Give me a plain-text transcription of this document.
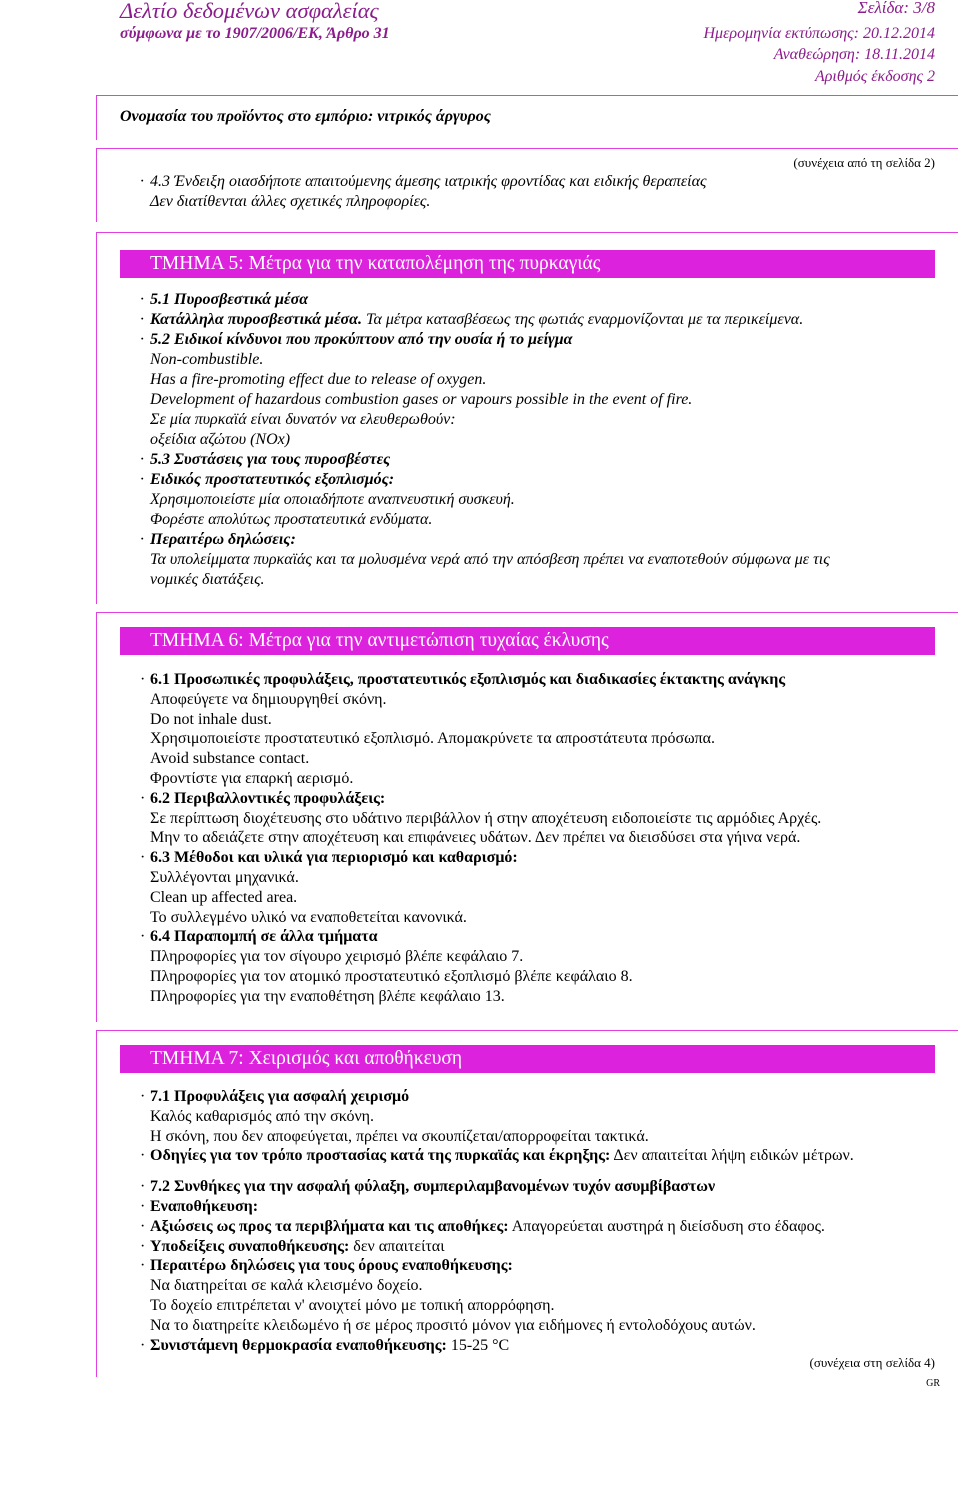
Δελτίο δεδομένων ασφαλείας
σύμφωνα με το 1907/2006/ΕΚ, Άρθρο 31
Σελίδα: 3/8
Ημερομηνία εκτύπωσης: 20.12.2014
Αναθεώρηση: 18.11.2014
Αριθμός έκδοσης 2
Ονομασία του προϊόντος στο εμπόριο: νιτρικός άργυρος
(συνέχεια από τη σελίδα 2)
· 4.3 Ένδειξη οιασδήποτε απαιτούμενης άμεσης ιατρικής φροντίδας και ειδικής θεραπείας
Δεν διατίθενται άλλες σχετικές πληροφορίες.
ΤΜΗΜΑ 5: Μέτρα για την καταπολέμηση της πυρκαγιάς
· 5.1 Πυροσβεστικά μέσα
· Κατάλληλα πυροσβεστικά μέσα. Τα μέτρα κατασβέσεως της φωτιάς εναρμονίζονται με τα περικείμενα.
· 5.2 Ειδικοί κίνδυνοι που προκύπτουν από την ουσία ή το μείγμα
Non-combustible.
Has a fire-promoting effect due to release of oxygen.
Development of hazardous combustion gases or vapours possible in the event of fire.
Σε μία πυρκαϊά είναι δυνατόν να ελευθερωθούν:
οξείδια αζώτου (NOx)
· 5.3 Συστάσεις για τους πυροσβέστες
· Ειδικός προστατευτικός εξοπλισμός:
Χρησιμοποιείστε μία οποιαδήποτε αναπνευστική συσκευή.
Φορέστε απολύτως προστατευτικά ενδύματα.
· Περαιτέρω δηλώσεις:
Τα υπολείμματα πυρκαϊάς και τα μολυσμένα νερά από την απόσβεση πρέπει να εναποτεθούν σύμφωνα με τις
νομικές διατάξεις.
ΤΜΗΜΑ 6: Μέτρα για την αντιμετώπιση τυχαίας έκλυσης
· 6.1 Προσωπικές προφυλάξεις, προστατευτικός εξοπλισμός και διαδικασίες έκτακτης ανάγκης
Αποφεύγετε να δημιουργηθεί σκόνη.
Do not inhale dust.
Χρησιμοποιείστε προστατευτικό εξοπλισμό. Απομακρύνετε τα απροστάτευτα πρόσωπα.
Avoid substance contact.
Φροντίστε για επαρκή αερισμό.
· 6.2 Περιβαλλοντικές προφυλάξεις:
Σε περίπτωση διοχέτευσης στο υδάτινο περιβάλλον ή στην αποχέτευση ειδοποιείστε τις αρμόδιες Αρχές.
Μην το αδειάζετε στην αποχέτευση και επιφάνειες υδάτων. Δεν πρέπει να διεισδύσει στα γήινα νερά.
· 6.3 Μέθοδοι και υλικά για περιορισμό και καθαρισμό:
Συλλέγονται μηχανικά.
Clean up affected area.
Το συλλεγμένο υλικό να εναποθετείται κανονικά.
· 6.4 Παραπομπή σε άλλα τμήματα
Πληροφορίες για τον σίγουρο χειρισμό βλέπε κεφάλαιο 7.
Πληροφορίες για τον ατομικό προστατευτικό εξοπλισμό βλέπε κεφάλαιο 8.
Πληροφορίες για την εναποθέτηση βλέπε κεφάλαιο 13.
ΤΜΗΜΑ 7: Χειρισμός και αποθήκευση
· 7.1 Προφυλάξεις για ασφαλή χειρισμό
Καλός καθαρισμός από την σκόνη.
Η σκόνη, που δεν αποφεύγεται, πρέπει να σκουπίζεται/απορροφείται τακτικά.
· Οδηγίες για τον τρόπο προστασίας κατά της πυρκαϊάς και έκρηξης: Δεν απαιτείται λήψη ειδικών μέτρων.
· 7.2 Συνθήκες για την ασφαλή φύλαξη, συμπεριλαμβανομένων τυχόν ασυμβίβαστων
· Εναποθήκευση:
· Αξιώσεις ως προς τα περιβλήματα και τις αποθήκες: Απαγορεύεται αυστηρά η διείσδυση στο έδαφος.
· Υποδείξεις συναποθήκευσης: δεν απαιτείται
· Περαιτέρω δηλώσεις για τους όρους εναποθήκευσης:
Να διατηρείται σε καλά κλεισμένο δοχείο.
Το δοχείο επιτρέπεται ν' ανοιχτεί μόνο με τοπική απορρόφηση.
Να το διατηρείτε κλειδωμένο ή σε μέρος προσιτό μόνον για ειδήμονες ή εντολοδόχους αυτών.
· Συνιστάμενη θερμοκρασία εναποθήκευσης: 15-25 °C
(συνέχεια στη σελίδα 4)
GR
